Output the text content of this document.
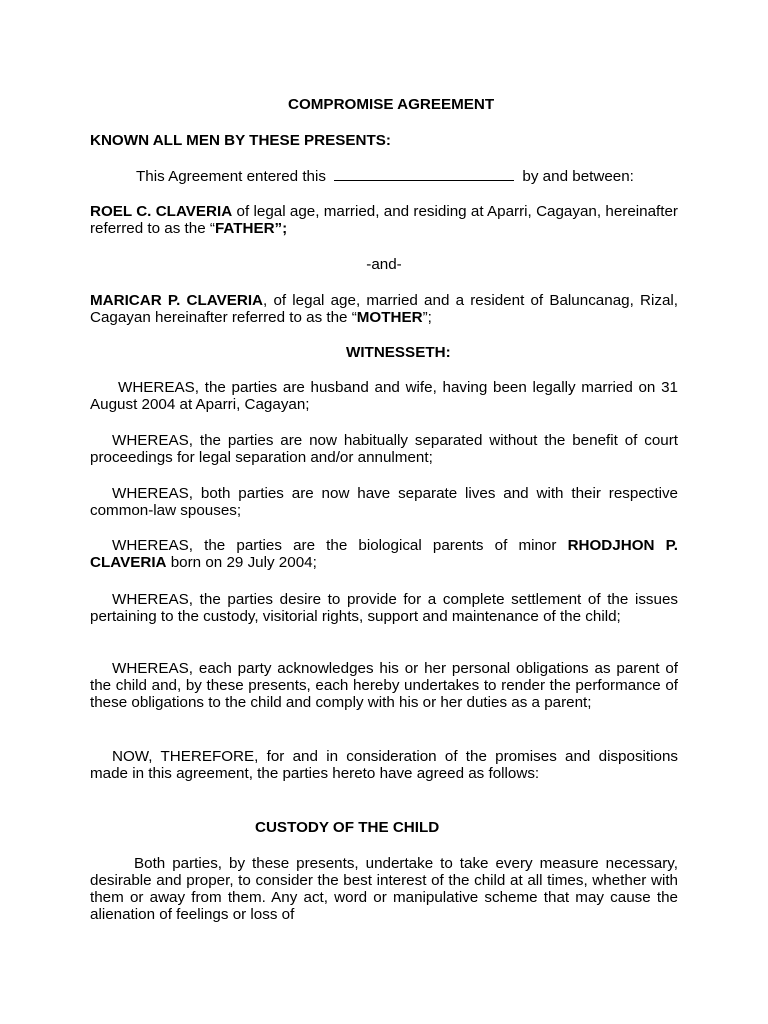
COMPROMISE AGREEMENT
KNOWN ALL MEN BY THESE PRESENTS:
This Agreement entered this	by and between:
ROEL C. CLAVERIA of legal age, married, and residing at Aparri, Cagayan, hereinafter referred to as the “FATHER”;
-and-
MARICAR P. CLAVERIA, of legal age, married and a resident of Baluncanag, Rizal, Cagayan hereinafter referred to as the “MOTHER”;
WITNESSETH:
WHEREAS, the parties are husband and wife, having been legally married on 31 August 2004 at Aparri, Cagayan;
WHEREAS, the parties are now habitually separated without the benefit of court proceedings for legal separation and/or annulment;
WHEREAS, both parties are now have separate lives and with their respective common-law spouses;
WHEREAS, the parties are the biological parents of minor RHODJHON P. CLAVERIA born on 29 July 2004;
WHEREAS, the parties desire to provide for a complete settlement of the issues pertaining to the custody, visitorial rights, support and maintenance of the child;
WHEREAS, each party acknowledges his or her personal obligations as parent of the child and, by these presents, each hereby undertakes to render the performance of these obligations to the child and comply with his or her duties as a parent;
NOW, THEREFORE, for and in consideration of the promises and dispositions made in this agreement, the parties hereto have agreed as follows:
CUSTODY OF THE CHILD
Both parties, by these presents, undertake to take every measure necessary, desirable and proper, to consider the best interest of the child at all times, whether with them or away from them. Any act, word or manipulative scheme that may cause the alienation of feelings or loss of
